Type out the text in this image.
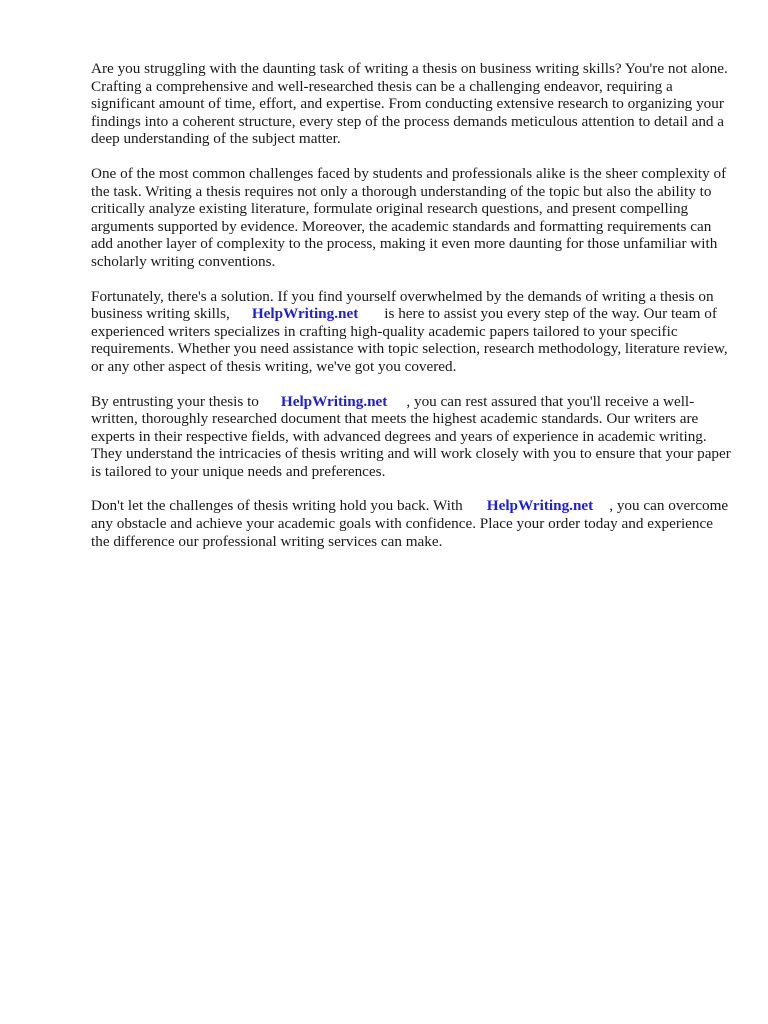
Are you struggling with the daunting task of writing a thesis on business writing skills? You're not alone. Crafting a comprehensive and well-researched thesis can be a challenging endeavor, requiring a significant amount of time, effort, and expertise. From conducting extensive research to organizing your findings into a coherent structure, every step of the process demands meticulous attention to detail and a deep understanding of the subject matter.

One of the most common challenges faced by students and professionals alike is the sheer complexity of the task. Writing a thesis requires not only a thorough understanding of the topic but also the ability to critically analyze existing literature, formulate original research questions, and present compelling arguments supported by evidence. Moreover, the academic standards and formatting requirements can add another layer of complexity to the process, making it even more daunting for those unfamiliar with scholarly writing conventions.

Fortunately, there's a solution. If you find yourself overwhelmed by the demands of writing a thesis on business writing skills, HelpWriting.net is here to assist you every step of the way. Our team of experienced writers specializes in crafting high-quality academic papers tailored to your specific requirements. Whether you need assistance with topic selection, research methodology, literature review, or any other aspect of thesis writing, we've got you covered.

By entrusting your thesis to HelpWriting.net , you can rest assured that you'll receive a well-written, thoroughly researched document that meets the highest academic standards. Our writers are experts in their respective fields, with advanced degrees and years of experience in academic writing. They understand the intricacies of thesis writing and will work closely with you to ensure that your paper is tailored to your unique needs and preferences.

Don't let the challenges of thesis writing hold you back. With HelpWriting.net , you can overcome any obstacle and achieve your academic goals with confidence. Place your order today and experience the difference our professional writing services can make.
